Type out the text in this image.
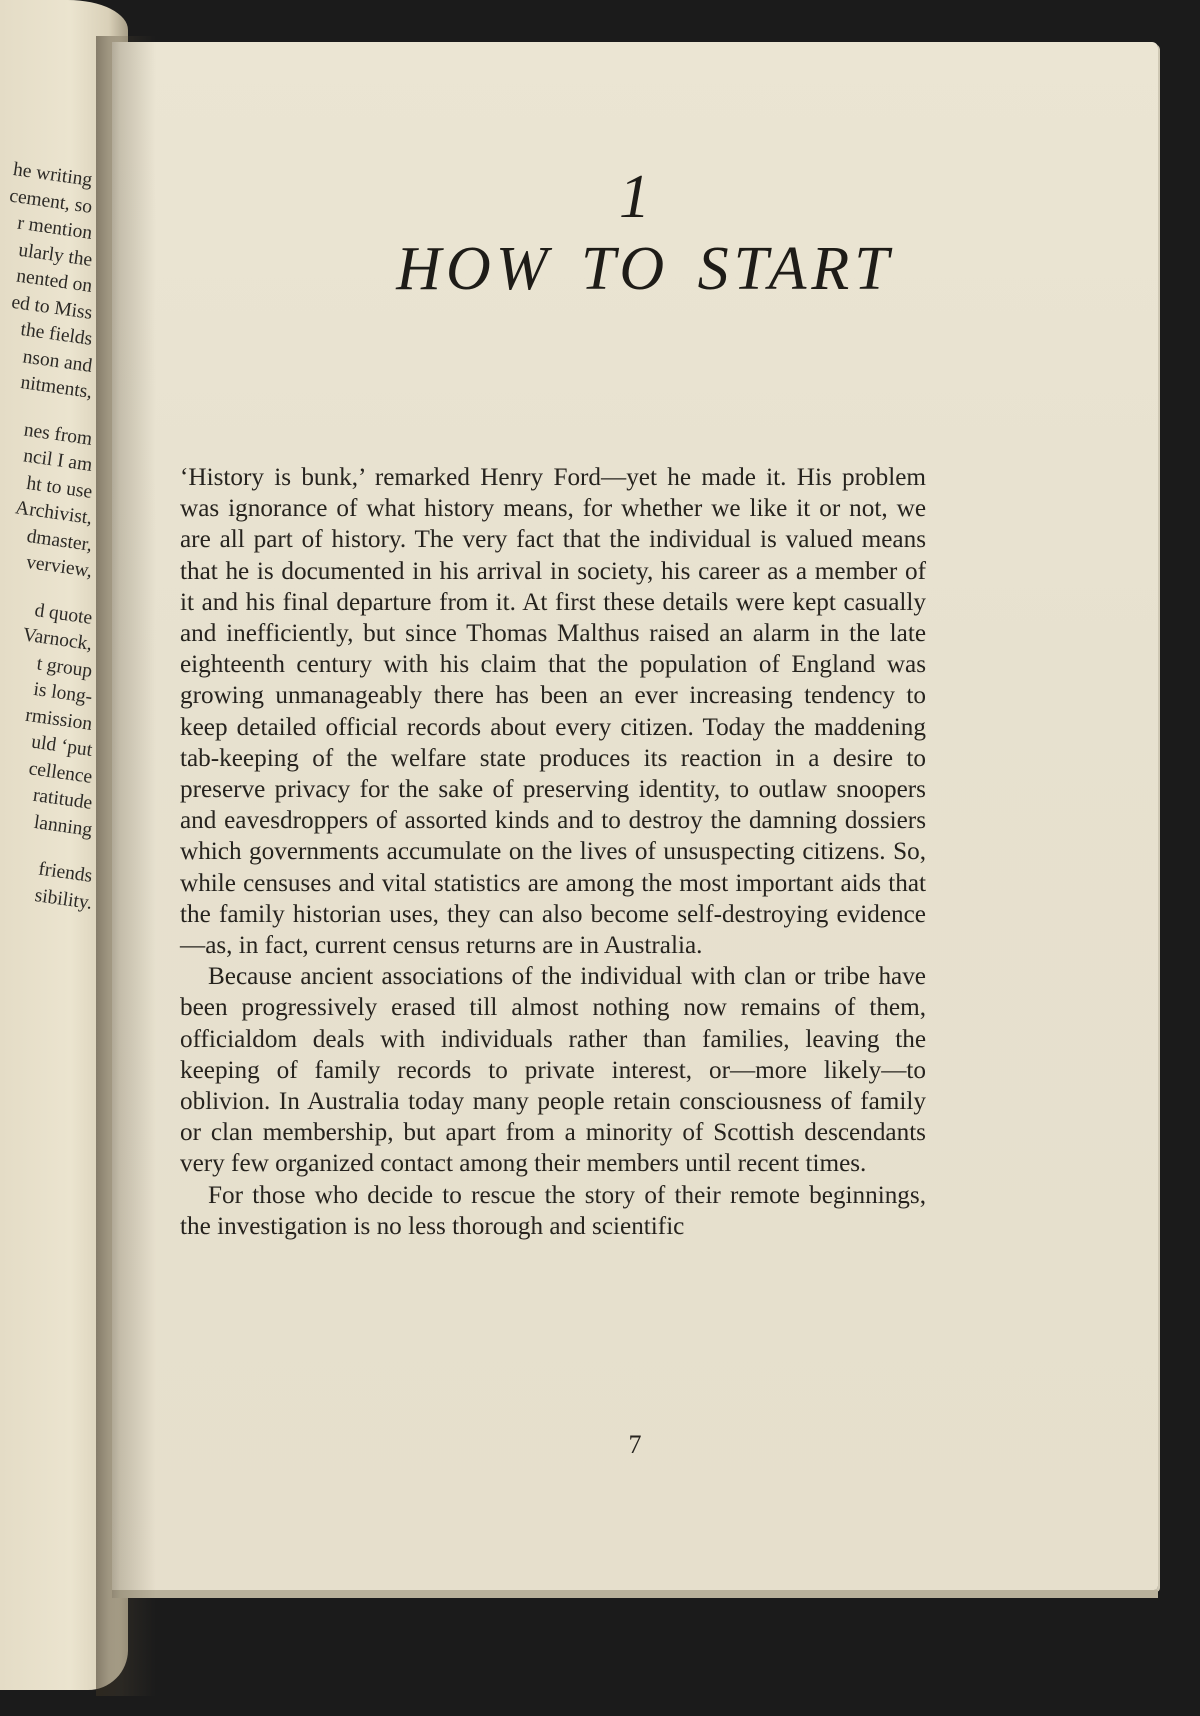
he writing
cement, so
r mention
ularly the
nented on
ed to Miss
the fields
nson and
nitments,
nes from
ncil I am
ht to use
Archivist,
dmaster,
verview,
d quote
Varnock,
t group
is long-
rmission
uld ‘put
cellence
ratitude
lanning
friends
sibility.
1
HOW TO START

‘History is bunk,’ remarked Henry Ford—yet he made it. His problem was ignorance of what history means, for whether we like it or not, we are all part of history. The very fact that the individual is valued means that he is documented in his arrival in society, his career as a member of it and his final departure from it. At first these details were kept casually and inefficiently, but since Thomas Malthus raised an alarm in the late eighteenth century with his claim that the population of England was growing unmanageably there has been an ever increasing tendency to keep detailed official records about every citizen. Today the maddening tab-keeping of the welfare state produces its reaction in a desire to preserve privacy for the sake of preserving identity, to outlaw snoopers and eavesdroppers of assorted kinds and to destroy the damning dossiers which governments accumulate on the lives of unsuspecting citizens. So, while censuses and vital statistics are among the most important aids that the family historian uses, they can also become self-destroying evidence—as, in fact, current census returns are in Australia.

Because ancient associations of the individual with clan or tribe have been progressively erased till almost nothing now remains of them, officialdom deals with individuals rather than families, leaving the keeping of family records to private interest, or—more likely—to oblivion. In Australia today many people retain consciousness of family or clan membership, but apart from a minority of Scottish descendants very few organized contact among their members until recent times.

For those who decide to rescue the story of their remote beginnings, the investigation is no less thorough and scientific

7
